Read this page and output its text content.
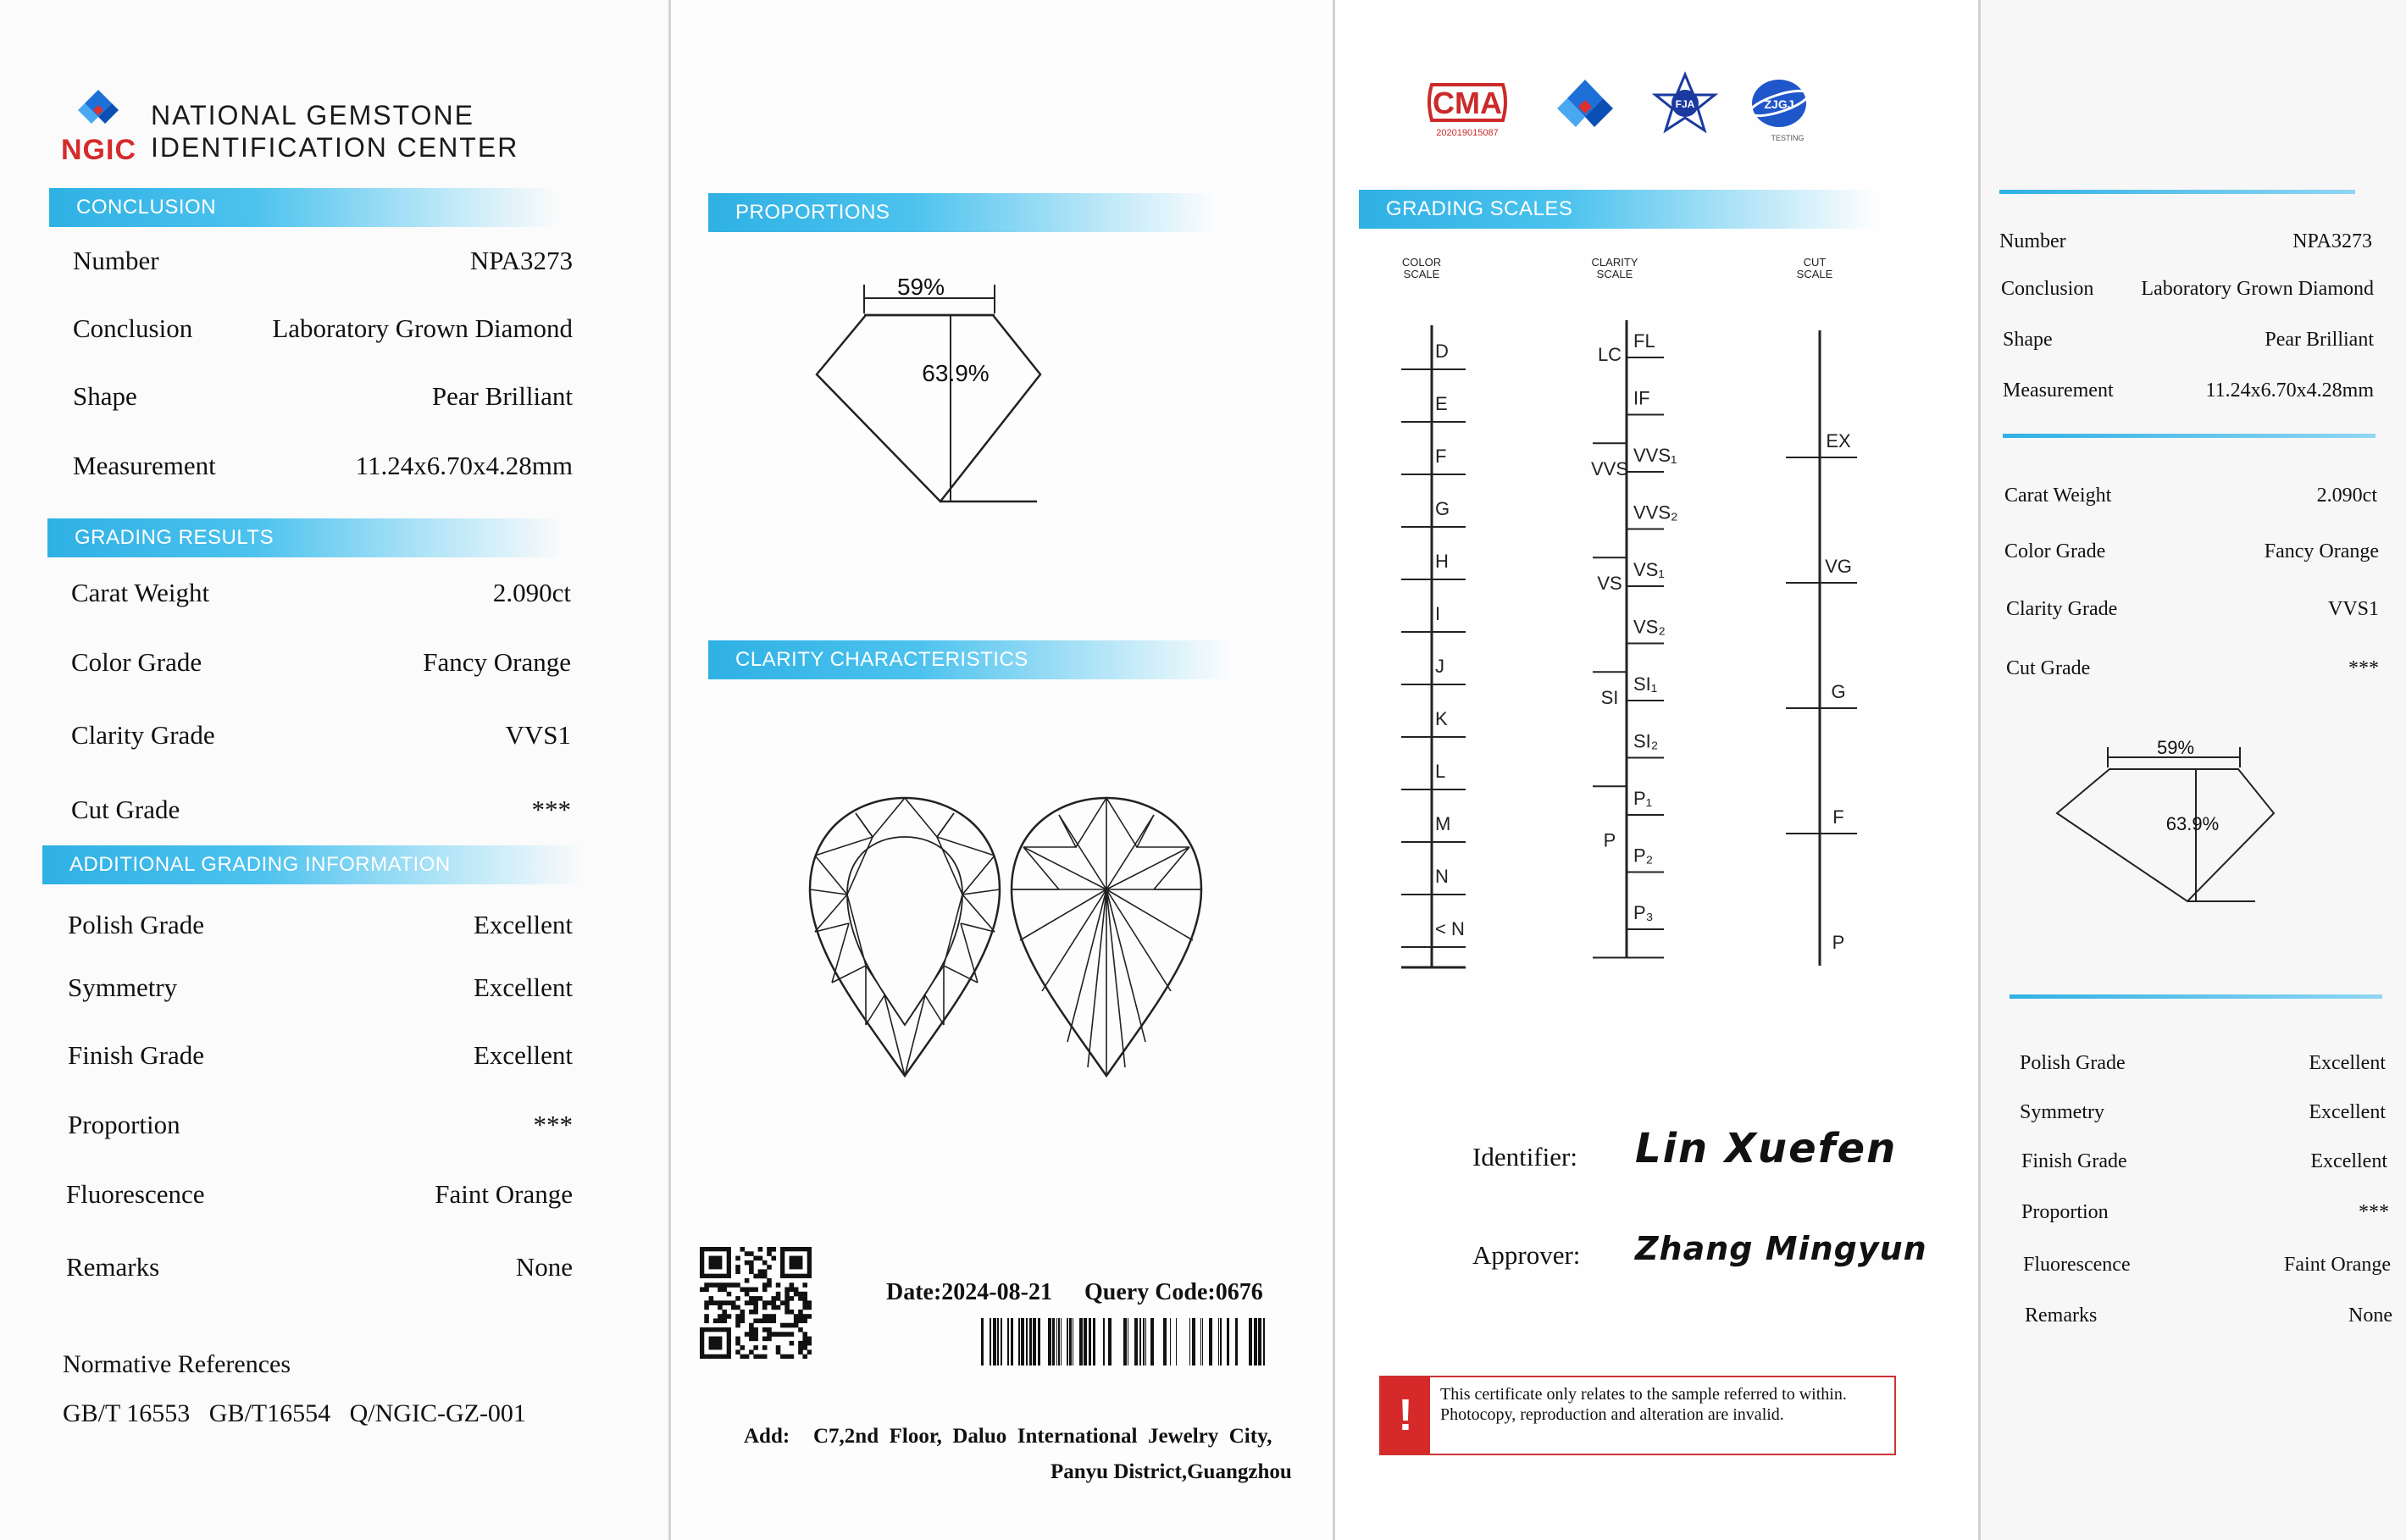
NGIC
NATIONAL GEMSTONE
IDENTIFICATION CENTER
CONCLUSION
Number	NPA3273
Conclusion	Laboratory Grown Diamond
Shape	Pear Brilliant
Measurement	11.24x6.70x4.28mm
GRADING RESULTS
Carat Weight	2.090ct
Color Grade	Fancy Orange
Clarity Grade	VVS1
Cut Grade	***
ADDITIONAL GRADING INFORMATION
Polish Grade	Excellent
Symmetry	Excellent
Finish Grade	Excellent
Proportion	***
Fluorescence	Faint Orange
Remarks	None
Normative References
GB/T 16553   GB/T16554   Q/NGIC-GZ-001
PROPORTIONS
59%
63.9%
CLARITY CHARACTERISTICS
Date:2024-08-21 Query Code:0676
Add: C7,2nd  Floor,  Daluo  International  Jewelry  City,
Panyu District,Guangzhou
CMA
202019015087
FJA	ZJGJ
TESTING
GRADING SCALES
COLOR
SCALE
CLARITY
SCALE
CUT
SCALE
D
E
F
G
H
I
J
K
L
M
N
< N
FL
IF
VVS₁
VVS₂
VS₁
VS₂
SI₁
SI₂
P₁
P₂
P₃
LC
VVS
VS
SI
P
EX
VG
G
F
P
Identifier: Lin Xuefen
Approver: Zhang Mingyun
!	This certificate only relates to the sample referred to within. Photocopy, reproduction and alteration are invalid.
Number	NPA3273
Conclusion Laboratory Grown Diamond
Shape	Pear Brilliant
Measurement	11.24x6.70x4.28mm
Carat Weight	2.090ct
Color Grade	Fancy Orange
Clarity Grade	VVS1
Cut Grade	***
59%
63.9%
Polish Grade	Excellent
Symmetry	Excellent
Finish Grade	Excellent
Proportion	***
Fluorescence	Faint Orange
Remarks	None
